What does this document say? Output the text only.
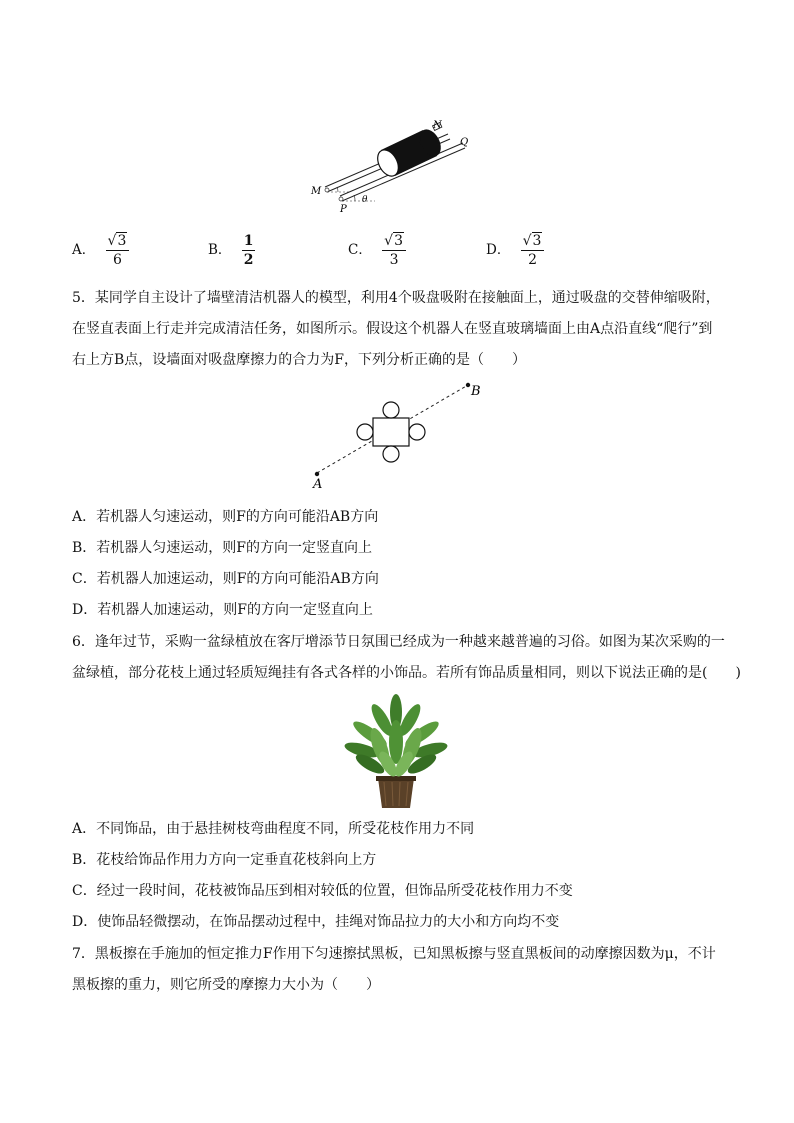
M
N
P
Q
θ
A． $\frac{√3}{6}$	B． $\frac{1}{2}$	C． $\frac{√3}{3}$	D． $\frac{√3}{2}$
5．某同学自主设计了墙壁清洁机器人的模型，利用4个吸盘吸附在接触面上，通过吸盘的交替伸缩吸附，
在竖直表面上行走并完成清洁任务，如图所示。假设这个机器人在竖直玻璃墙面上由A点沿直线“爬行”到
右上方B点，设墙面对吸盘摩擦力的合力为F，下列分析正确的是（　　）
A
B
A．若机器人匀速运动，则F的方向可能沿AB方向
B．若机器人匀速运动，则F的方向一定竖直向上
C．若机器人加速运动，则F的方向可能沿AB方向
D．若机器人加速运动，则F的方向一定竖直向上
6．逢年过节，采购一盆绿植放在客厅增添节日氛围已经成为一种越来越普遍的习俗。如图为某次采购的一
盆绿植，部分花枝上通过轻质短绳挂有各式各样的小饰品。若所有饰品质量相同，则以下说法正确的是(　　)
A．不同饰品，由于悬挂树枝弯曲程度不同，所受花枝作用力不同
B．花枝给饰品作用力方向一定垂直花枝斜向上方
C．经过一段时间，花枝被饰品压到相对较低的位置，但饰品所受花枝作用力不变
D．使饰品轻微摆动，在饰品摆动过程中，挂绳对饰品拉力的大小和方向均不变
7．黑板擦在手施加的恒定推力F作用下匀速擦拭黑板，已知黑板擦与竖直黑板间的动摩擦因数为μ，不计
黑板擦的重力，则它所受的摩擦力大小为（　　）
